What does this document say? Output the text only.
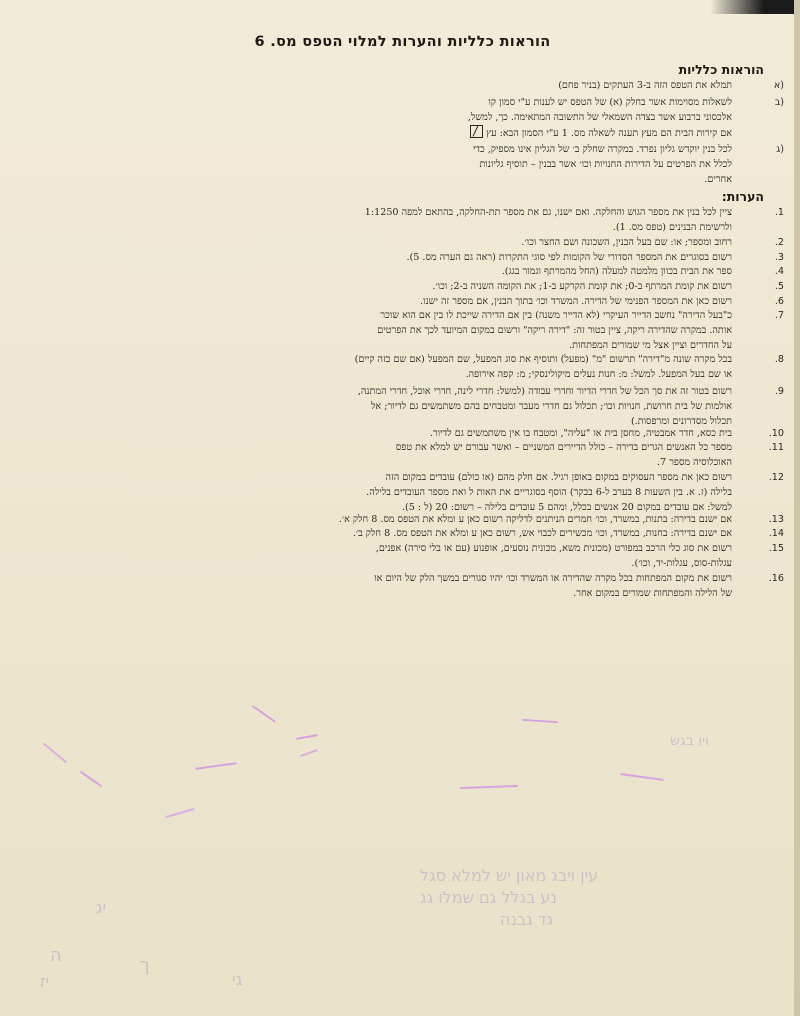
ויו בגש
עין ויבג מאון יש למלא סגל
נע בגלל גם שמלו גג
גד גבנה
יג
ך
ה
יז	גי
הוראות כלליות והערות למלוי הטפס מס. 6
הוראות כלליות
א)
תמלא את הטפס הזה ב-3 העתקים (בניר פחם)
ב)
לשאלות מסוימות אשר בחלק (א) של הטפס יש לענות ע"י סמון קו
אלכסוני ברבוע אשר בצדה השמאלי של התשובה המתאימה. כך, למשל,
אם קירות הבית הם מעץ תענה לשאלה מס. 1 ע"י הסמון הבא: עץ
ג)
לכל בנין יוקדש גליון נפרד. במקרה שחלק ב׳ של הגליון אינו מספיק, כדי
לכלל את הפרטים על הדירות החנויות וכו׳ אשר בבנין – תוסיף גליונות
אחרים.
הערות:
.1
ציין לכל בנין את מספר הגוש והחלקה. ואם ישנו, גם את מספר תת-החלקה, בהתאם למפה 1:1250
ולרשימת הבנינים (טפס מס. 1).
.2
רחוב ומספר; או: שם בעל הבנין, השכונה ושם החצר וכו׳.
.3
רשום בסוגרים את המספר הסדורי של הקומות לפי סוגי התקרות (ראה גם הערה מס. 5).
.4
ספר את הבית בכוון מלמטה למעלה (החל מהמרתף וגמור בגג).
.5
רשום את קומת המרתף ב-0; את קומת הקרקע ב-1; את הקומה השניה ב-2; וכו׳.
.6
רשום כאן את המספר הפנימי של הדירה. המשרד וכו׳ בתוך הבנין, אם מספר זה ישנו.
.7
כ"בעל הדירה" נחשב הדייר העיקרי (לא הדייר משנה) בין אם הדירה שייכת לו בין אם הוא שוכר
אותה. במקרה שהדירה ריקה, ציין בטור זה: "דירה ריקה" ורשום במקום המיועד לכך את הפרטים
על החדרים וציין אצל מי שמורים המפתחות.
.8
בכל מקרה שונה מ"דירה" תרשום "מ" (מפעל) ותוסיף את סוג המפעל, שם המפעל (אם שם כזה קיים)
או שם בעל המפעל. למשל: מ: חנות נעלים מיקולינסקי; מ: קפה אירופה.
.9
רשום בטור זה את סך הכל של חדרי הדיור וחדרי עבודה (למשל: חדרי לינה, חדרי אוכל, חדרי המתנה,
אולמות של בית חרושת, חנויות וכו׳; תכלול גם חדרי מעבר ומטבחים בהם משתמשים גם לדיור; אל
תכלול מסדרונים ומרפסות.)
.10
בית כסא, חדר אמבטיה, מחסן בית או "עליה", ומטבח בו אין משתמשים גם לדיור.
.11
מספר כל האנשים הגרים בדירה – כולל הדיירים המשניים – ואשר עבורם יש למלא את טפס
האוכלוסיה מספר 7.
.12
רשום כאן את מספר העסוקים במקום באופן רגיל. אם חלק מהם (או כולם) עובדים במקום הזה
בלילה (ז. א. בין השעות 8 בערב ל-6 בבקר) הוסף בסוגריים את האות ל ואת מספר העובדים בלילה.
למשל: אם עובדים במקום 20 אנשים בכלל, ומהם 5 עובדים בלילה – רשום: 20 (ל : 5).
.13
אם ישנם בדירה: בתנות, במשרד, וכו׳ חמרים הניתנים לדליקה רשום כאן ע ומלא את הטפס מס. 8 חלק א׳.
.14
אם ישנם בדירה: בחנות, במשרד, וכו׳ מכשירים לכבוי אש, רשום כאן ע ומלא את הטפס מס. 8 חלק ב׳.
.15
רשום את סוג כלי הרכב במפורט (מכונית משא, מכונית נוסעים, אופנוע (עם או בלי סירה) אפנים,
עגלות-סוס, עגלות-יד, וכו׳).
.16
רשום את מקום המפתחות בכל מקרה שהדירה או המשרד וכו׳ יהיו סגורים במשך הלק של היום או
של הלילה והמפתחות שמורים במקום אחר.
